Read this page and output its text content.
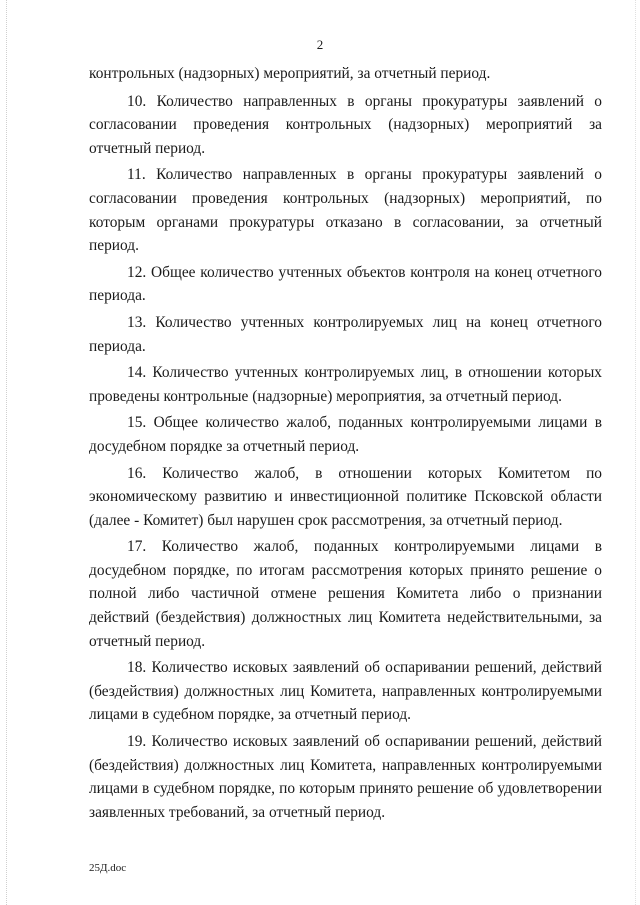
2

контрольных (надзорных) мероприятий, за отчетный период.

10. Количество направленных в органы прокуратуры заявлений о согласовании проведения контрольных (надзорных) мероприятий за отчетный период.

11. Количество направленных в органы прокуратуры заявлений о согласовании проведения контрольных (надзорных) мероприятий, по которым органами прокуратуры отказано в согласовании, за отчетный период.

12. Общее количество учтенных объектов контроля на конец отчетного периода.

13. Количество учтенных контролируемых лиц на конец отчетного периода.

14. Количество учтенных контролируемых лиц, в отношении которых проведены контрольные (надзорные) мероприятия, за отчетный период.

15. Общее количество жалоб, поданных контролируемыми лицами в досудебном порядке за отчетный период.

16. Количество жалоб, в отношении которых Комитетом по экономическому развитию и инвестиционной политике Псковской области (далее - Комитет) был нарушен срок рассмотрения, за отчетный период.

17. Количество жалоб, поданных контролируемыми лицами в досудебном порядке, по итогам рассмотрения которых принято решение о полной либо частичной отмене решения Комитета либо о признании действий (бездействия) должностных лиц Комитета недействительными, за отчетный период.

18. Количество исковых заявлений об оспаривании решений, действий (бездействия) должностных лиц Комитета, направленных контролируемыми лицами в судебном порядке, за отчетный период.

19. Количество исковых заявлений об оспаривании решений, действий (бездействия) должностных лиц Комитета, направленных контролируемыми лицами в судебном порядке, по которым принято решение об удовлетворении заявленных требований, за отчетный период.

25Д.doc
